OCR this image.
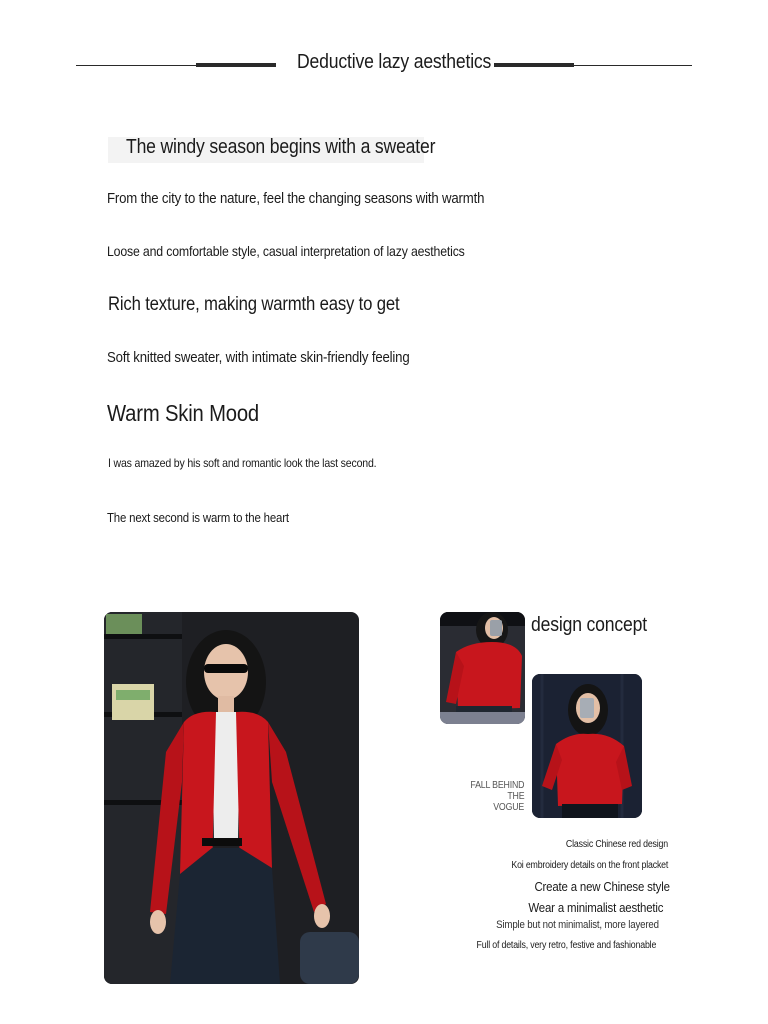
Deductive lazy aesthetics
The windy season begins with a sweater
From the city to the nature, feel the changing seasons with warmth
Loose and comfortable style, casual interpretation of lazy aesthetics
Rich texture, making warmth easy to get
Soft knitted sweater, with intimate skin-friendly feeling
Warm Skin Mood
I was amazed by his soft and romantic look the last second.
The next second is warm to the heart
design concept
FALL BEHIND
THE
VOGUE
Classic Chinese red design
Koi embroidery details on the front placket
Create a new Chinese style
Wear a minimalist aesthetic
Simple but not minimalist, more layered
Full of details, very retro, festive and fashionable
